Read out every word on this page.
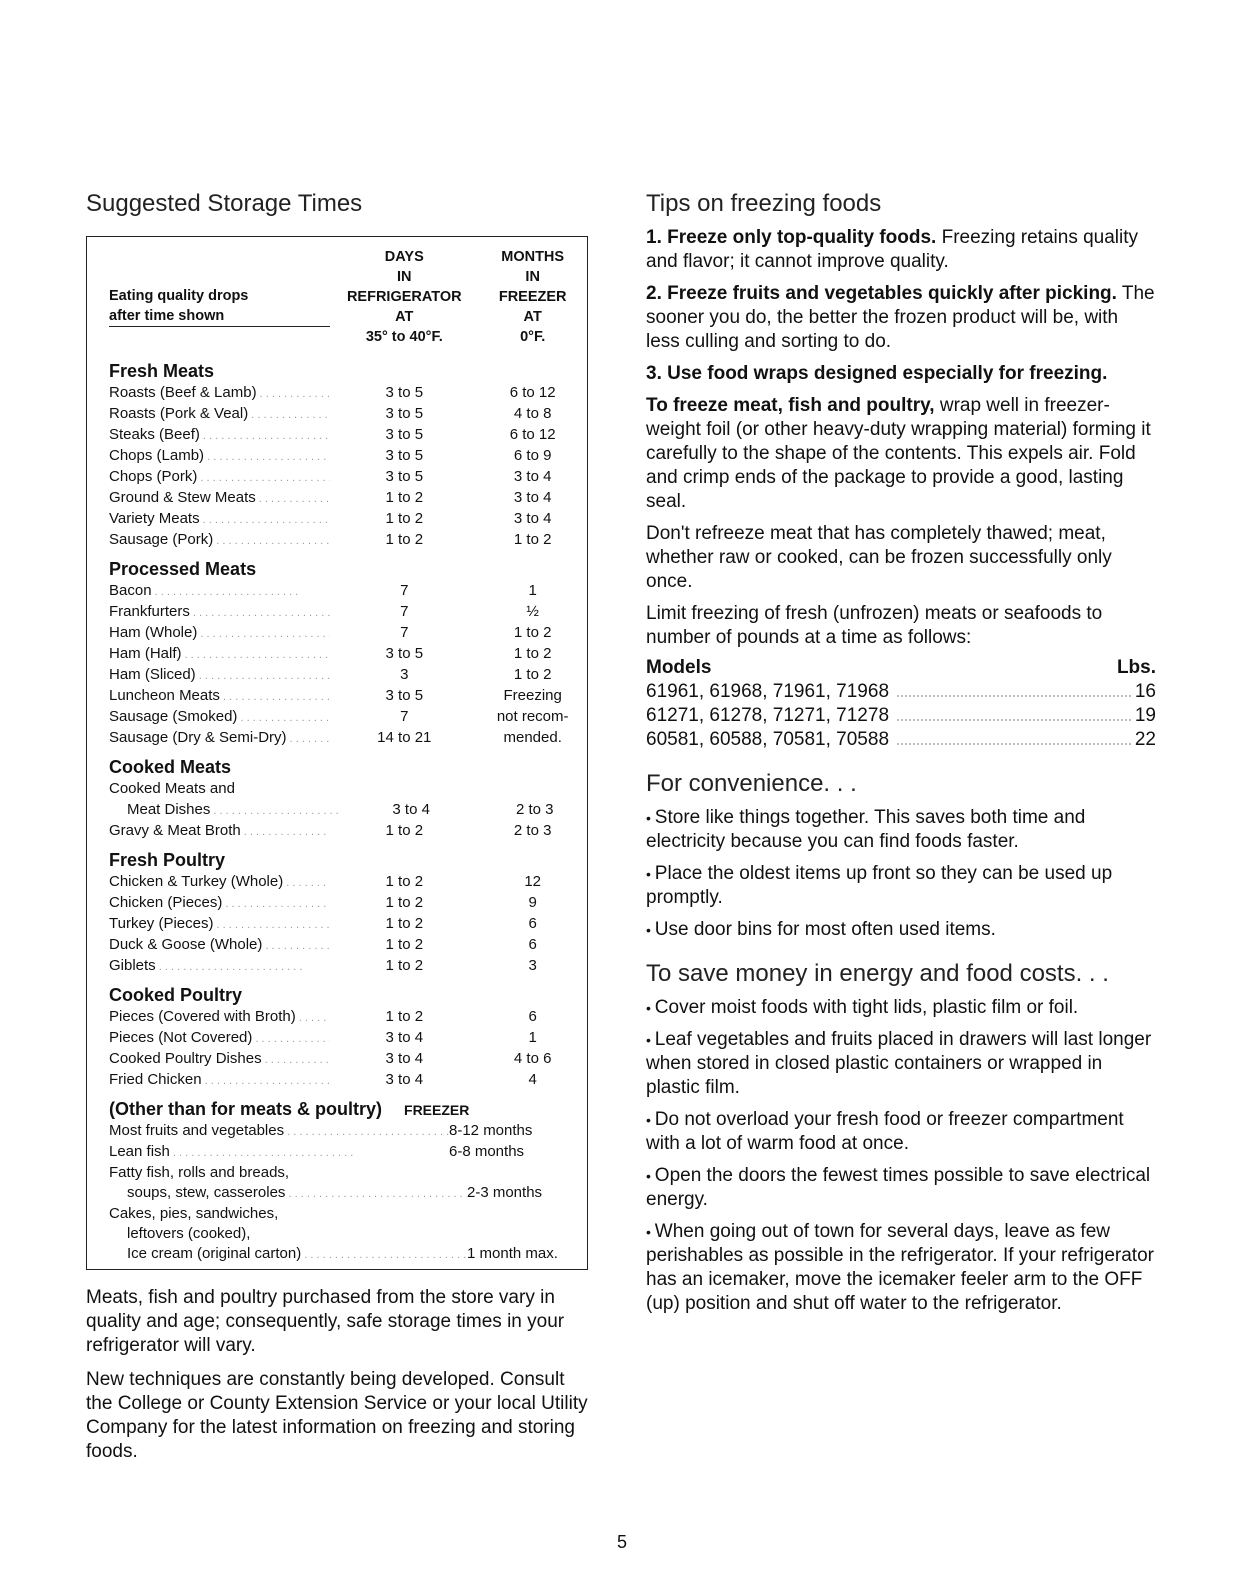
Suggested Storage Times
Eating quality drops
after time shown
DAYS
IN
REFRIGERATOR
AT
35° to 40°F.
MONTHS
IN
FREEZER
AT
0°F.
Fresh Meats
Roasts (Beef & Lamb) . . .	3 to 5	6 to 12
Roasts (Pork & Veal) . . .	3 to 5	4 to 8
Steaks (Beef) . . .	3 to 5	6 to 12
Chops (Lamb) . . .	3 to 5	6 to 9
Chops (Pork) . . .	3 to 5	3 to 4
Ground & Stew Meats . . .	1 to 2	3 to 4
Variety Meats . . .	1 to 2	3 to 4
Sausage (Pork) . . .	1 to 2	1 to 2
Processed Meats
Bacon . . .	7	1
Frankfurters . . .	7	½
Ham (Whole) . . .	7	1 to 2
Ham (Half) . . .	3 to 5	1 to 2
Ham (Sliced) . . .	3	1 to 2
Luncheon Meats . . .	3 to 5	Freezing
Sausage (Smoked) . . .	7	not recom-
Sausage (Dry & Semi-Dry) . . .	14 to 21	mended.
Cooked Meats
Cooked Meats and
Meat Dishes . . .	3 to 4	2 to 3
Gravy & Meat Broth . . .	1 to 2	2 to 3
Fresh Poultry
Chicken & Turkey (Whole) . . .	1 to 2	12
Chicken (Pieces) . . .	1 to 2	9
Turkey (Pieces) . . .	1 to 2	6
Duck & Goose (Whole) . . .	1 to 2	6
Giblets . . .	1 to 2	3
Cooked Poultry
Pieces (Covered with Broth) . . .	1 to 2	6
Pieces (Not Covered) . . .	3 to 4	1
Cooked Poultry Dishes . . .	3 to 4	4 to 6
Fried Chicken . . .	3 to 4	4
(Other than for meats & poultry) FREEZER
Most fruits and vegetables . . .	8-12 months
Lean fish . . .	6-8 months
Fatty fish, rolls and breads,
soups, stew, casseroles . . .	2-3 months
Cakes, pies, sandwiches,
leftovers (cooked),
Ice cream (original carton) . . .	1 month max.

Meats, fish and poultry purchased from the store vary in quality and age; consequently, safe storage times in your refrigerator will vary.

New techniques are constantly being developed. Consult the College or County Extension Service or your local Utility Company for the latest information on freezing and storing foods.

Tips on freezing foods
1. Freeze only top-quality foods. Freezing retains quality and flavor; it cannot improve quality.
2. Freeze fruits and vegetables quickly after picking. The sooner you do, the better the frozen product will be, with less culling and sorting to do.
3. Use food wraps designed especially for freezing.
To freeze meat, fish and poultry, wrap well in freezer-weight foil (or other heavy-duty wrapping material) forming it carefully to the shape of the contents. This expels air. Fold and crimp ends of the package to provide a good, lasting seal.
Don't refreeze meat that has completely thawed; meat, whether raw or cooked, can be frozen successfully only once.
Limit freezing of fresh (unfrozen) meats or seafoods to number of pounds at a time as follows:
Models	Lbs.
61961, 61968, 71961, 71968	16
61271, 61278, 71271, 71278	19
60581, 60588, 70581, 70588	22
For convenience. . .
• Store like things together. This saves both time and electricity because you can find foods faster.
• Place the oldest items up front so they can be used up promptly.
• Use door bins for most often used items.
To save money in energy and food costs. . .
• Cover moist foods with tight lids, plastic film or foil.
• Leaf vegetables and fruits placed in drawers will last longer when stored in closed plastic containers or wrapped in plastic film.
• Do not overload your fresh food or freezer compartment with a lot of warm food at once.
• Open the doors the fewest times possible to save electrical energy.
• When going out of town for several days, leave as few perishables as possible in the refrigerator. If your refrigerator has an icemaker, move the icemaker feeler arm to the OFF (up) position and shut off water to the refrigerator.
5
